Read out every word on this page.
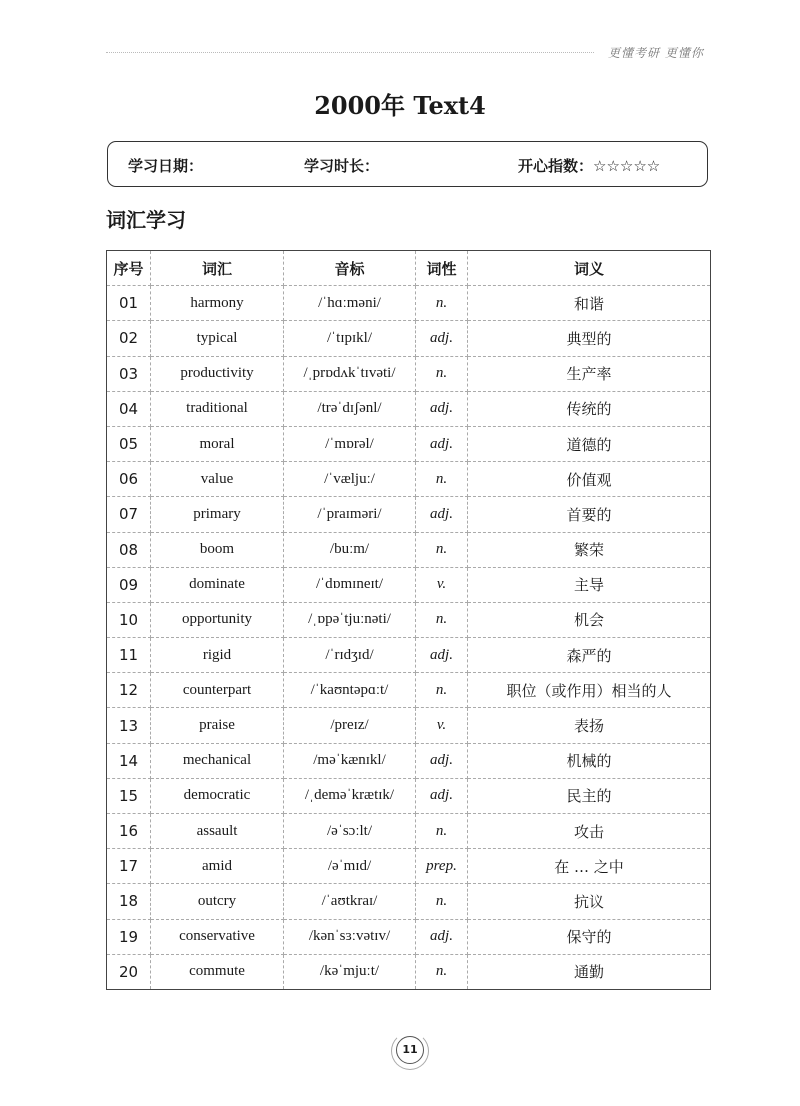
更懂考研 更懂你
2000年 Text4
学习日期：	学习时长：	开心指数：☆☆☆☆☆
词汇学习
序号	词汇	音标	词性	词义
01	harmony	/ˈhɑːməni/	n.	和谐
02	typical	/ˈtɪpɪkl/	adj.	典型的
03	productivity	/ˌprɒdʌkˈtɪvəti/	n.	生产率
04	traditional	/trəˈdɪʃənl/	adj.	传统的
05	moral	/ˈmɒrəl/	adj.	道德的
06	value	/ˈvæljuː/	n.	价值观
07	primary	/ˈpraɪməri/	adj.	首要的
08	boom	/buːm/	n.	繁荣
09	dominate	/ˈdɒmɪneɪt/	v.	主导
10	opportunity	/ˌɒpəˈtjuːnəti/	n.	机会
11	rigid	/ˈrɪdʒɪd/	adj.	森严的
12	counterpart	/ˈkaʊntəpɑːt/	n.	职位（或作用）相当的人
13	praise	/preɪz/	v.	表扬
14	mechanical	/məˈkænɪkl/	adj.	机械的
15	democratic	/ˌdeməˈkrætɪk/	adj.	民主的
16	assault	/əˈsɔːlt/	n.	攻击
17	amid	/əˈmɪd/	prep.	在 … 之中
18	outcry	/ˈaʊtkraɪ/	n.	抗议
19	conservative	/kənˈsɜːvətɪv/	adj.	保守的
20	commute	/kəˈmjuːt/	n.	通勤
11
